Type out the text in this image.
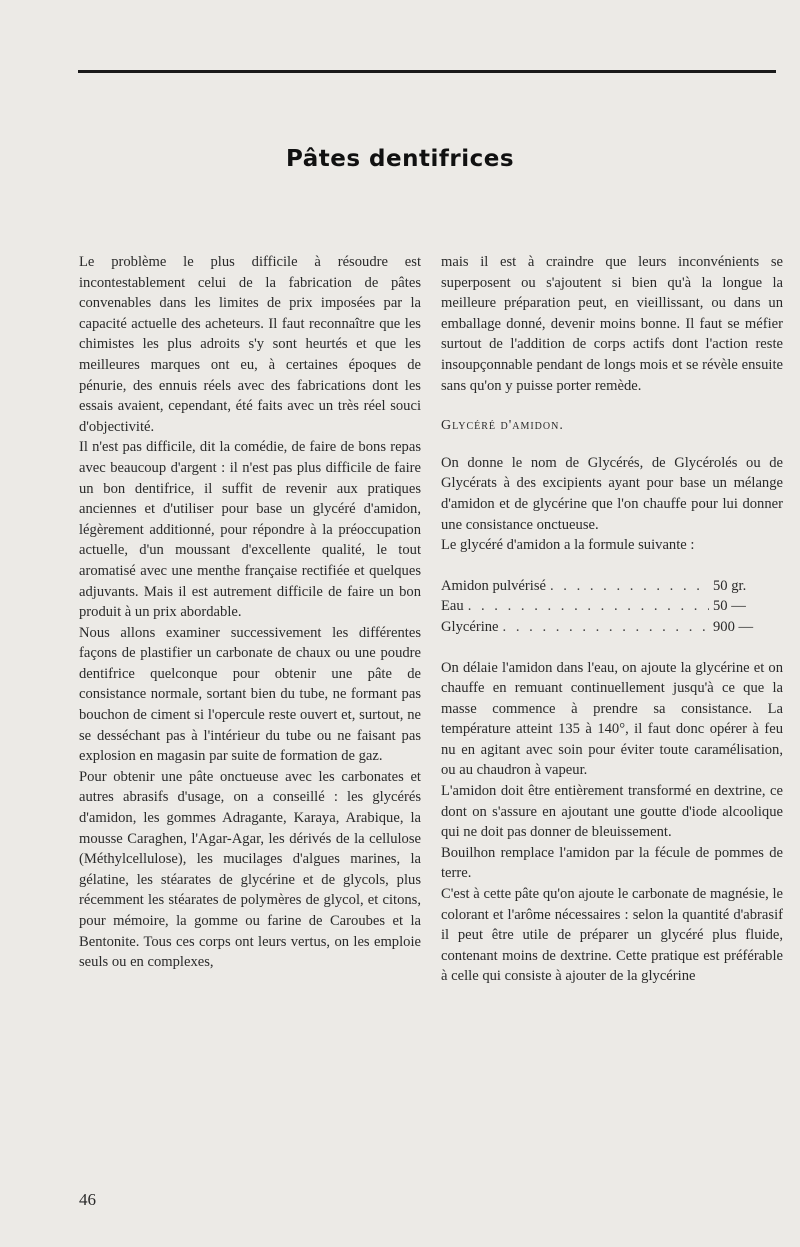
Pâtes dentifrices

Le problème le plus difficile à résoudre est incontestablement celui de la fabrication de pâtes convenables dans les limites de prix imposées par la capacité actuelle des acheteurs. Il faut reconnaître que les chimistes les plus adroits s'y sont heurtés et que les meilleures marques ont eu, à certaines époques de pénurie, des ennuis réels avec des fabrications dont les essais avaient, cependant, été faits avec un très réel souci d'objectivité.

Il n'est pas difficile, dit la comédie, de faire de bons repas avec beaucoup d'argent : il n'est pas plus difficile de faire un bon dentifrice, il suffit de revenir aux pratiques anciennes et d'utiliser pour base un glycéré d'amidon, légèrement additionné, pour répondre à la préoccupation actuelle, d'un moussant d'excellente qualité, le tout aromatisé avec une menthe française rectifiée et quelques adjuvants. Mais il est autrement difficile de faire un bon produit à un prix abordable.

Nous allons examiner successivement les différentes façons de plastifier un carbonate de chaux ou une poudre dentifrice quelconque pour obtenir une pâte de consistance normale, sortant bien du tube, ne formant pas bouchon de ciment si l'opercule reste ouvert et, surtout, ne se desséchant pas à l'intérieur du tube ou ne faisant pas explosion en magasin par suite de formation de gaz.

Pour obtenir une pâte onctueuse avec les carbonates et autres abrasifs d'usage, on a conseillé : les glycérés d'amidon, les gommes Adragante, Karaya, Arabique, la mousse Caraghen, l'Agar-Agar, les dérivés de la cellulose (Méthylcellulose), les mucilages d'algues marines, la gélatine, les stéarates de glycérine et de glycols, plus récemment les stéarates de polymères de glycol, et citons, pour mémoire, la gomme ou farine de Caroubes et la Bentonite. Tous ces corps ont leurs vertus, on les emploie seuls ou en complexes,

mais il est à craindre que leurs inconvénients se superposent ou s'ajoutent si bien qu'à la longue la meilleure préparation peut, en vieillissant, ou dans un emballage donné, devenir moins bonne. Il faut se méfier surtout de l'addition de corps actifs dont l'action reste insoupçonnable pendant de longs mois et se révèle ensuite sans qu'on y puisse porter remède.

Glycéré d'amidon.

On donne le nom de Glycérés, de Glycérolés ou de Glycérats à des excipients ayant pour base un mélange d'amidon et de glycérine que l'on chauffe pour lui donner une consistance onctueuse.

Le glycéré d'amidon a la formule suivante :

Amidon pulvérisé . . .	50 gr.
Eau . . .	50 —
Glycérine . . .	900 —

On délaie l'amidon dans l'eau, on ajoute la glycérine et on chauffe en remuant continuellement jusqu'à ce que la masse commence à prendre sa consistance. La température atteint 135 à 140°, il faut donc opérer à feu nu en agitant avec soin pour éviter toute caramélisation, ou au chaudron à vapeur.

L'amidon doit être entièrement transformé en dextrine, ce dont on s'assure en ajoutant une goutte d'iode alcoolique qui ne doit pas donner de bleuissement.

Bouilhon remplace l'amidon par la fécule de pommes de terre.

C'est à cette pâte qu'on ajoute le carbonate de magnésie, le colorant et l'arôme nécessaires : selon la quantité d'abrasif il peut être utile de préparer un glycéré plus fluide, contenant moins de dextrine. Cette pratique est préférable à celle qui consiste à ajouter de la glycérine

46
